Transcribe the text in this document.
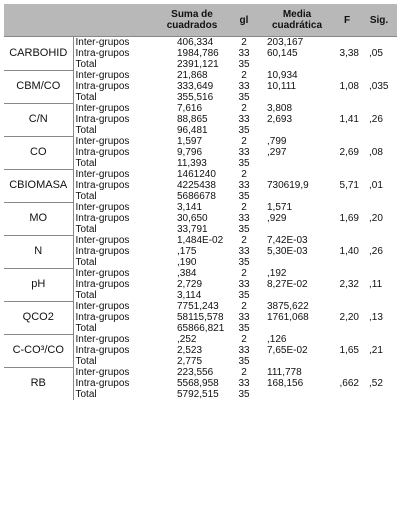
		Suma de cuadrados	gl	Media cuadrática	F	Sig.
CARBOHID	Inter-grupos	406,334	2	203,167	3,38	,05
	Intra-grupos	1984,786	33	60,145		
	Total	2391,121	35			
CBM/CO	Inter-grupos	21,868	2	10,934	1,08	,035
	Intra-grupos	333,649	33	10,111		
	Total	355,516	35			
C/N	Inter-grupos	7,616	2	3,808	1,41	,26
	Intra-grupos	88,865	33	2,693		
	Total	96,481	35			
CO	Inter-grupos	1,597	2	,799	2,69	,08
	Intra-grupos	9,796	33	,297		
	Total	11,393	35			
CBIOMASA	Inter-grupos	1461240	2		5,71	,01
	Intra-grupos	4225438	33	730619,9		
	Total	5686678	35			
MO	Inter-grupos	3,141	2	1,571	1,69	,20
	Intra-grupos	30,650	33	,929		
	Total	33,791	35			
N	Inter-grupos	1,484E-02	2	7,42E-03	1,40	,26
	Intra-grupos	,175	33	5,30E-03		
	Total	,190	35			
pH	Inter-grupos	,384	2	,192	2,32	,11
	Intra-grupos	2,729	33	8,27E-02		
	Total	3,114	35			
QCO2	Inter-grupos	7751,243	2	3875,622	2,20	,13
	Intra-grupos	58115,578	33	1761,068		
	Total	65866,821	35			
C-CO³/CO	Inter-grupos	,252	2	,126	1,65	,21
	Intra-grupos	2,523	33	7,65E-02		
	Total	2,775	35			
RB	Inter-grupos	223,556	2	111,778	,662	,52
	Intra-grupos	5568,958	33	168,156		
	Total	5792,515	35			
